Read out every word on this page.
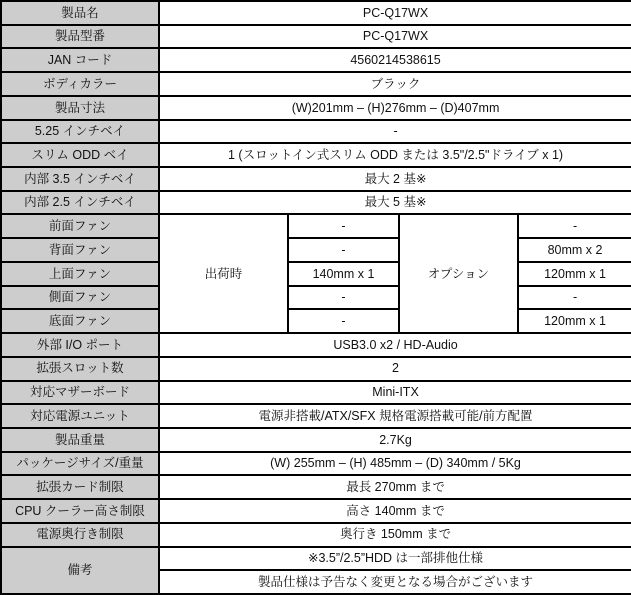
製品名	PC-Q17WX			
製品型番	PC-Q17WX			
JAN コード	4560214538615			
ボディカラー	ブラック			
製品寸法	(W)201mm – (H)276mm – (D)407mm			
5.25 インチベイ	-			
スリム ODD ベイ	1 (スロットイン式スリム ODD または 3.5"/2.5"ドライブ x 1)			
内部 3.5 インチベイ	最大 2 基※			
内部 2.5 インチベイ	最大 5 基※			
前面ファン	出荷時	-	オプション	-
背面ファン		-		80mm x 2
上面ファン		140mm x 1		120mm x 1
側面ファン		-		-
底面ファン		-		120mm x 1
外部 I/O ポート	USB3.0 x2 / HD-Audio			
拡張スロット数	2			
対応マザーボード	Mini-ITX			
対応電源ユニット	電源非搭載/ATX/SFX 規格電源搭載可能/前方配置			
製品重量	2.7Kg			
パッケージサイズ/重量	(W) 255mm – (H) 485mm – (D) 340mm / 5Kg			
拡張カード制限	最長 270mm まで			
CPU クーラー高さ制限	高さ 140mm まで			
電源奥行き制限	奥行き 150mm まで			
備考	※3.5”/2.5”HDD は一部排他仕様			
	製品仕様は予告なく変更となる場合がございます			
